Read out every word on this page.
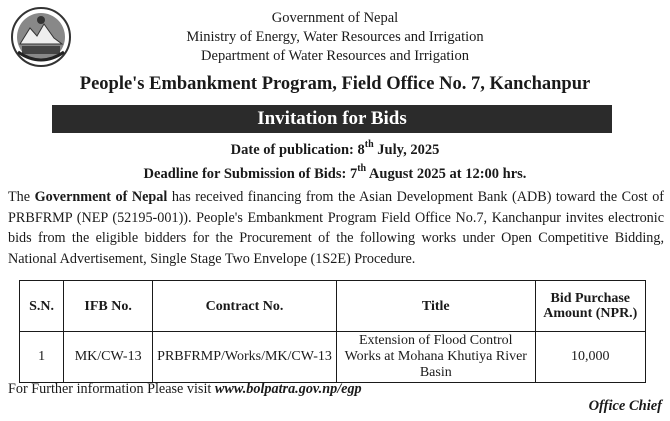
Government of Nepal
Ministry of Energy, Water Resources and Irrigation
Department of Water Resources and Irrigation
People's Embankment Program, Field Office No. 7, Kanchanpur
Invitation for Bids
Date of publication: 8th July, 2025
Deadline for Submission of Bids: 7th August 2025 at 12:00 hrs.
The Government of Nepal has received financing from the Asian Development Bank (ADB) toward the Cost of PRBFRMP (NEP (52195-001)). People's Embankment Program Field Office No.7, Kanchanpur invites electronic bids from the eligible bidders for the Procurement of the following works under Open Competitive Bidding, National Advertisement, Single Stage Two Envelope (1S2E) Procedure.
S.N.	IFB No.	Contract No.	Title	Bid Purchase Amount (NPR.)
1	MK/CW-13	PRBFRMP/Works/MK/CW-13	Extension of Flood Control Works at Mohana Khutiya River Basin	10,000
For Further information Please visit www.bolpatra.gov.np/egp
Office Chief
